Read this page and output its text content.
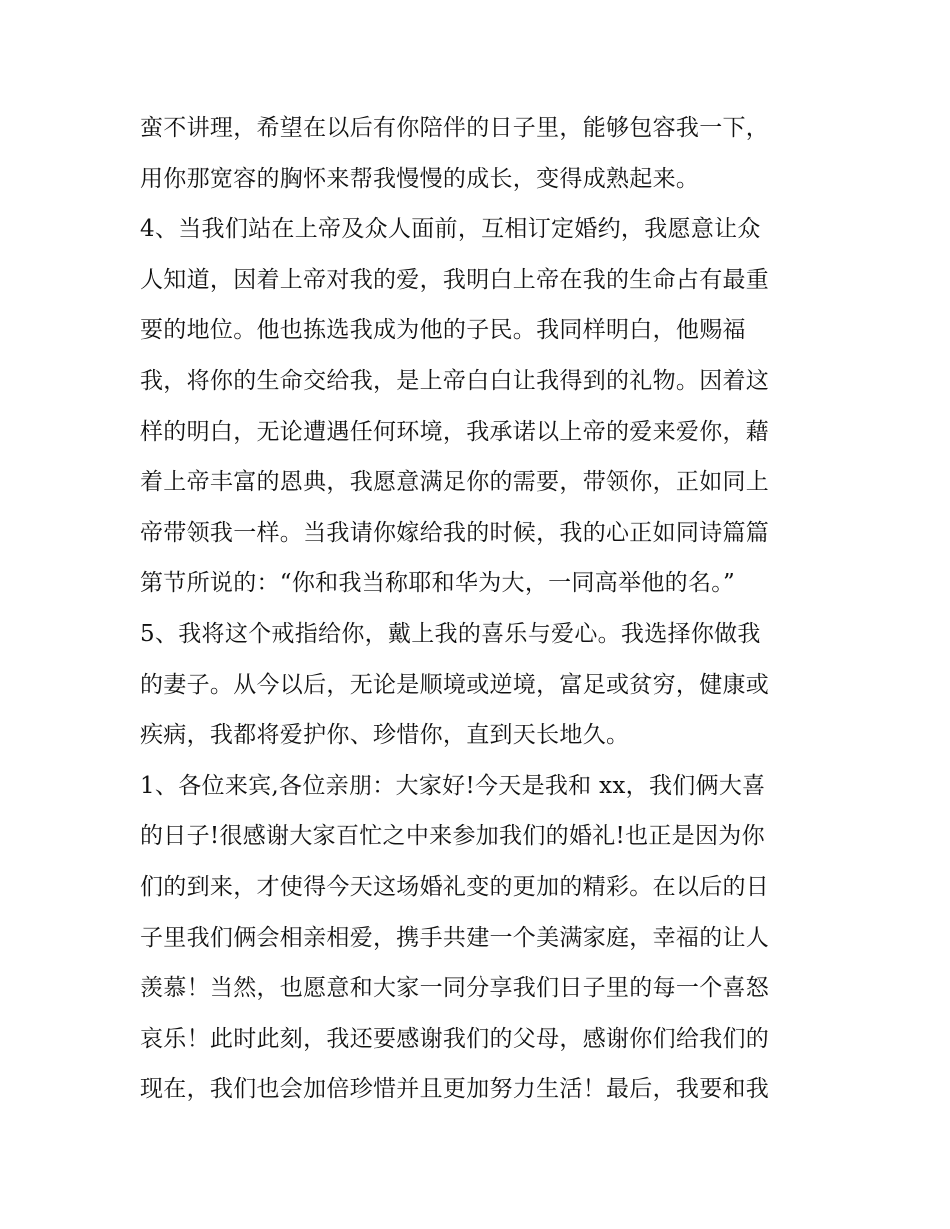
蛮不讲理，希望在以后有你陪伴的日子里，能够包容我一下，
用你那宽容的胸怀来帮我慢慢的成长，变得成熟起来。
4、当我们站在上帝及众人面前，互相订定婚约，我愿意让众
人知道，因着上帝对我的爱，我明白上帝在我的生命占有最重
要的地位。他也拣选我成为他的子民。我同样明白，他赐福
我，将你的生命交给我，是上帝白白让我得到的礼物。因着这
样的明白，无论遭遇任何环境，我承诺以上帝的爱来爱你，藉
着上帝丰富的恩典，我愿意满足你的需要，带领你，正如同上
帝带领我一样。当我请你嫁给我的时候，我的心正如同诗篇篇
第节所说的：“你和我当称耶和华为大，一同高举他的名。”
5、我将这个戒指给你，戴上我的喜乐与爱心。我选择你做我
的妻子。从今以后，无论是顺境或逆境，富足或贫穷，健康或
疾病，我都将爱护你、珍惜你，直到天长地久。
1、各位来宾,各位亲朋：大家好!今天是我和 xx，我们俩大喜
的日子!很感谢大家百忙之中来参加我们的婚礼!也正是因为你
们的到来，才使得今天这场婚礼变的更加的精彩。在以后的日
子里我们俩会相亲相爱，携手共建一个美满家庭，幸福的让人
羡慕！当然，也愿意和大家一同分享我们日子里的每一个喜怒
哀乐！此时此刻，我还要感谢我们的父母，感谢你们给我们的
现在，我们也会加倍珍惜并且更加努力生活！最后，我要和我
